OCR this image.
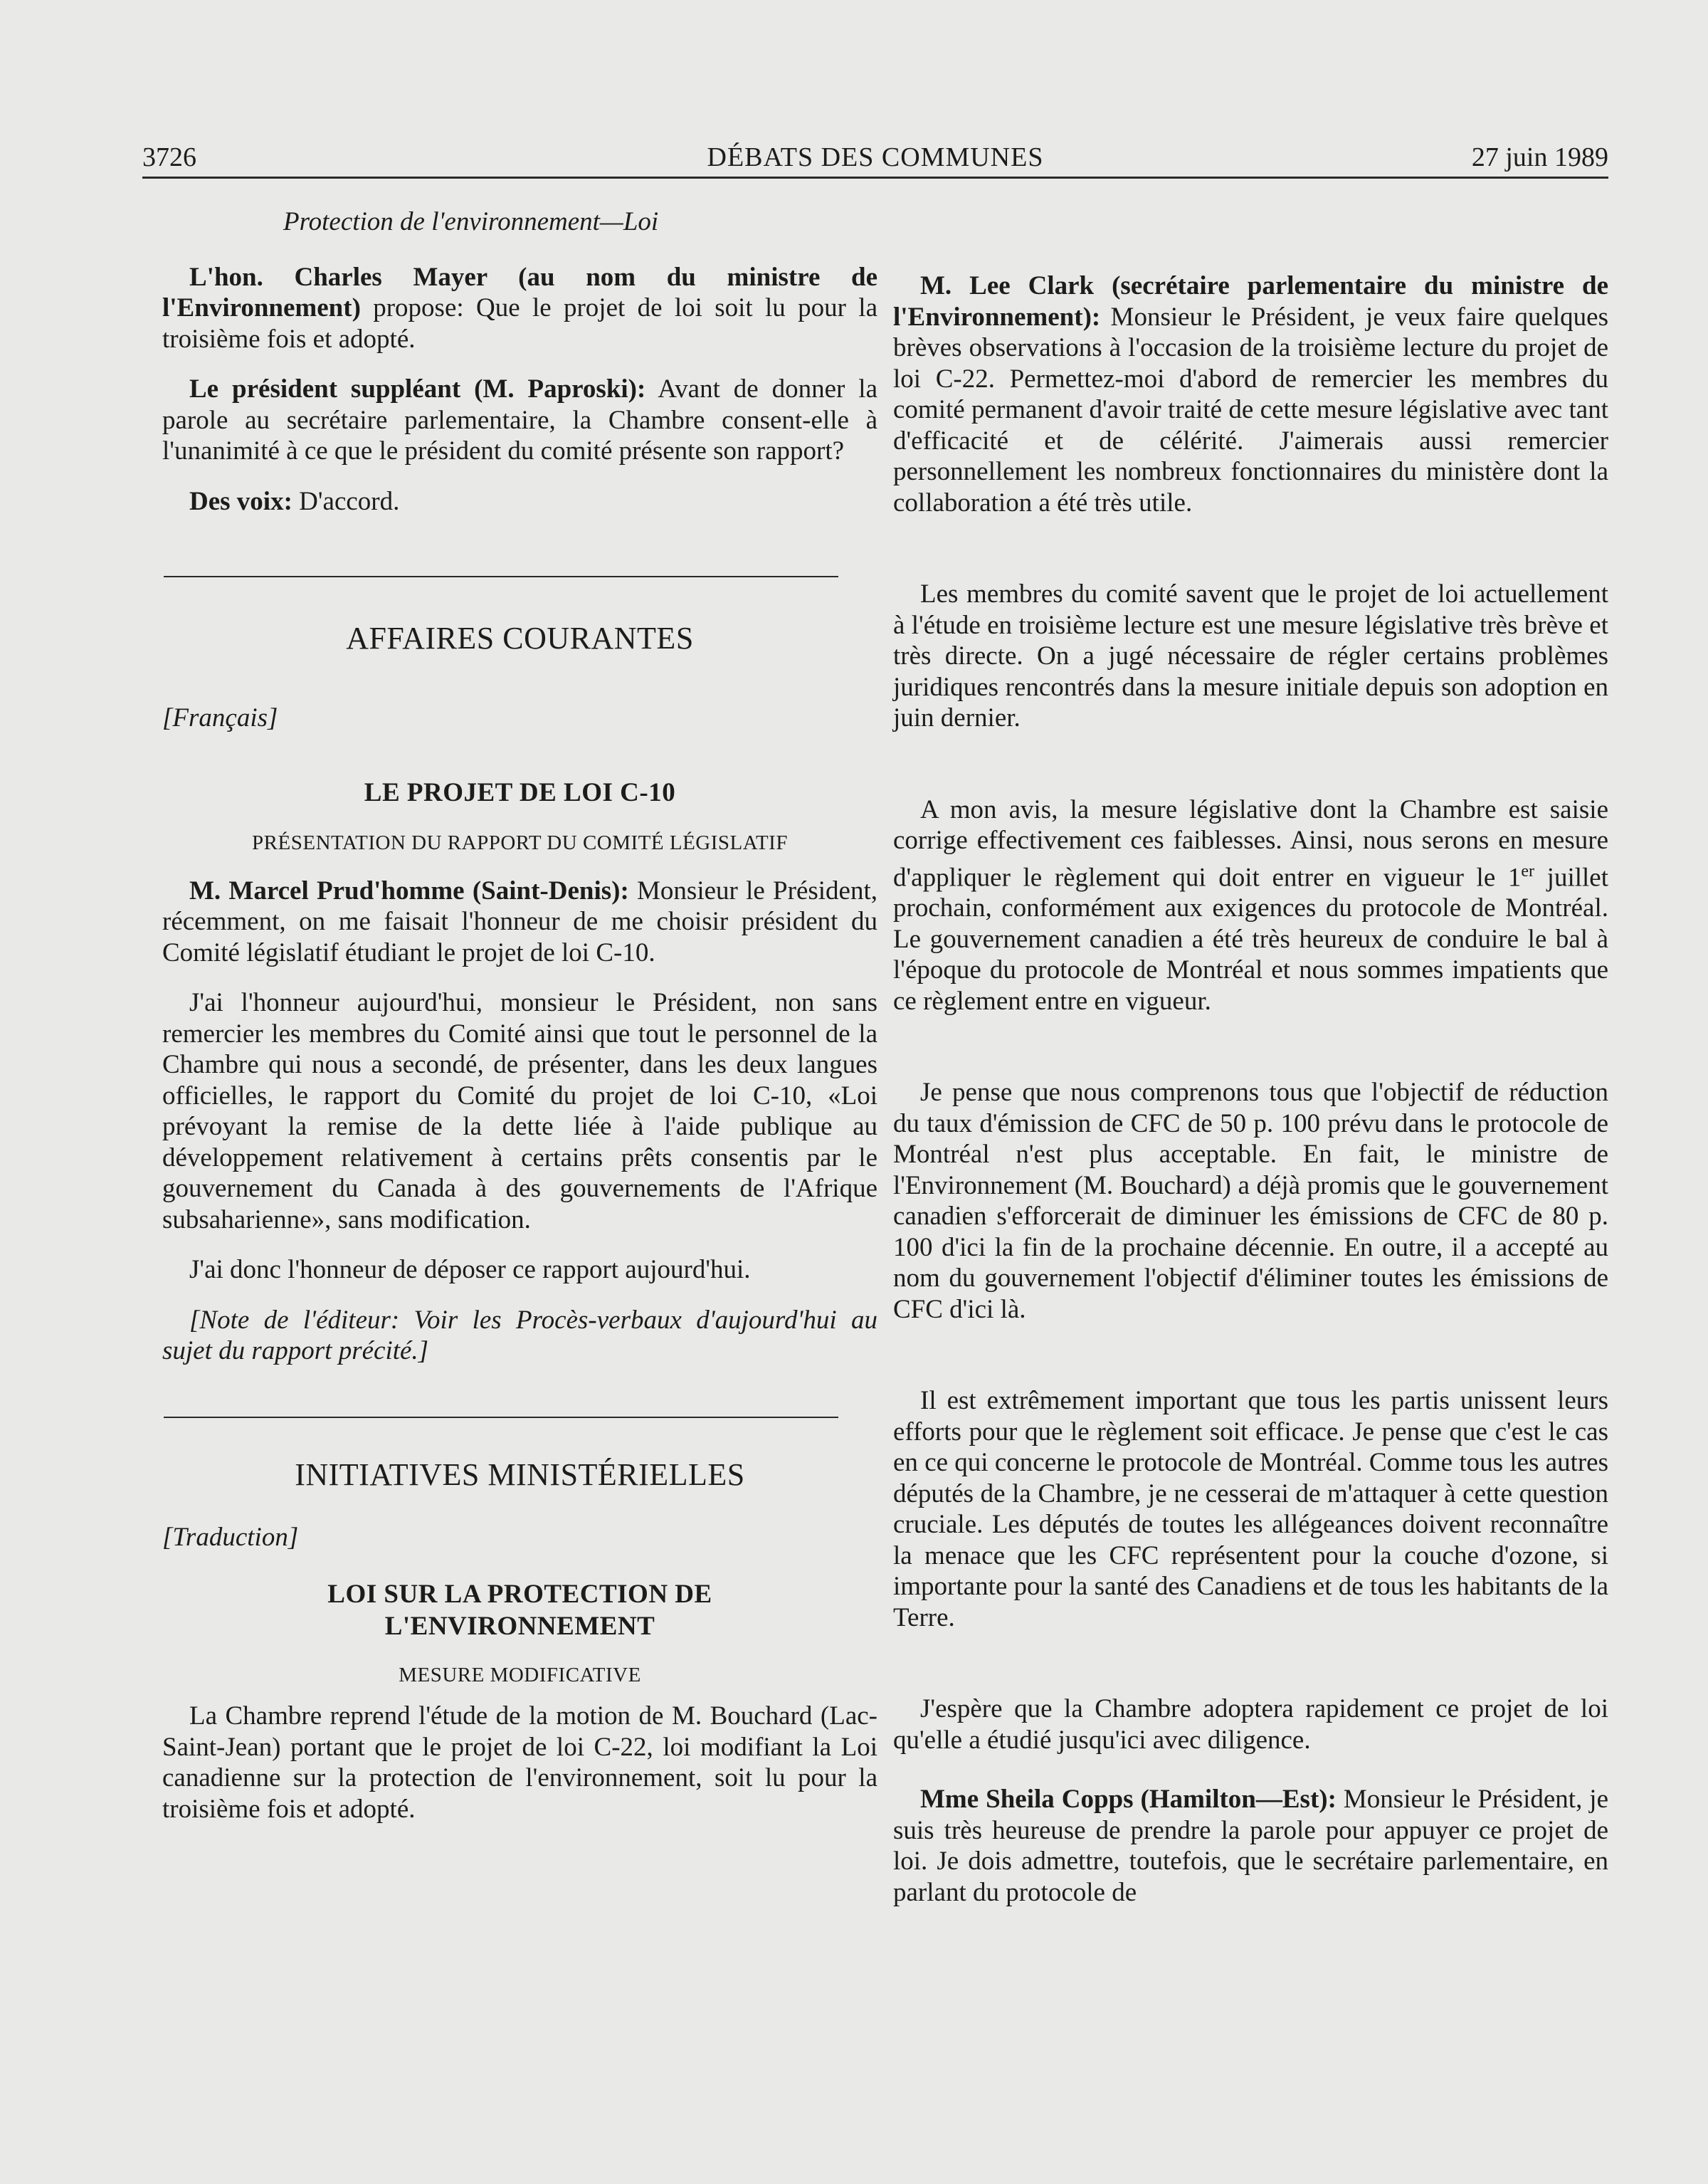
3726	DÉBATS DES COMMUNES	27 juin 1989

Protection de l'environnement—Loi

L'hon. Charles Mayer (au nom du ministre de l'Environnement) propose: Que le projet de loi soit lu pour la troisième fois et adopté.

Le président suppléant (M. Paproski): Avant de donner la parole au secrétaire parlementaire, la Chambre consent-elle à l'unanimité à ce que le président du comité présente son rapport?

Des voix: D'accord.

AFFAIRES COURANTES

[Français]

LE PROJET DE LOI C-10
PRÉSENTATION DU RAPPORT DU COMITÉ LÉGISLATIF

M. Marcel Prud'homme (Saint-Denis): Monsieur le Président, récemment, on me faisait l'honneur de me choisir président du Comité législatif étudiant le projet de loi C-10.

J'ai l'honneur aujourd'hui, monsieur le Président, non sans remercier les membres du Comité ainsi que tout le personnel de la Chambre qui nous a secondé, de présenter, dans les deux langues officielles, le rapport du Comité du projet de loi C-10, «Loi prévoyant la remise de la dette liée à l'aide publique au développement relativement à certains prêts consentis par le gouvernement du Canada à des gouvernements de l'Afrique subsaharienne», sans modification.

J'ai donc l'honneur de déposer ce rapport aujourd'hui.

[Note de l'éditeur: Voir les Procès-verbaux d'aujourd'hui au sujet du rapport précité.]

INITIATIVES MINISTÉRIELLES

[Traduction]

LOI SUR LA PROTECTION DE
L'ENVIRONNEMENT
MESURE MODIFICATIVE

La Chambre reprend l'étude de la motion de M. Bouchard (Lac-Saint-Jean) portant que le projet de loi C-22, loi modifiant la Loi canadienne sur la protection de l'environnement, soit lu pour la troisième fois et adopté.

M. Lee Clark (secrétaire parlementaire du ministre de l'Environnement): Monsieur le Président, je veux faire quelques brèves observations à l'occasion de la troisième lecture du projet de loi C-22. Permettez-moi d'abord de remercier les membres du comité permanent d'avoir traité de cette mesure législative avec tant d'efficacité et de célérité. J'aimerais aussi remercier personnellement les nombreux fonctionnaires du ministère dont la collaboration a été très utile.

Les membres du comité savent que le projet de loi actuellement à l'étude en troisième lecture est une mesure législative très brève et très directe. On a jugé nécessaire de régler certains problèmes juridiques rencontrés dans la mesure initiale depuis son adoption en juin dernier.

A mon avis, la mesure législative dont la Chambre est saisie corrige effectivement ces faiblesses. Ainsi, nous serons en mesure d'appliquer le règlement qui doit entrer en vigueur le 1er juillet prochain, conformément aux exigences du protocole de Montréal. Le gouvernement canadien a été très heureux de conduire le bal à l'époque du protocole de Montréal et nous sommes impatients que ce règlement entre en vigueur.

Je pense que nous comprenons tous que l'objectif de réduction du taux d'émission de CFC de 50 p. 100 prévu dans le protocole de Montréal n'est plus acceptable. En fait, le ministre de l'Environnement (M. Bouchard) a déjà promis que le gouvernement canadien s'efforcerait de diminuer les émissions de CFC de 80 p. 100 d'ici la fin de la prochaine décennie. En outre, il a accepté au nom du gouvernement l'objectif d'éliminer toutes les émissions de CFC d'ici là.

Il est extrêmement important que tous les partis unissent leurs efforts pour que le règlement soit efficace. Je pense que c'est le cas en ce qui concerne le protocole de Montréal. Comme tous les autres députés de la Chambre, je ne cesserai de m'attaquer à cette question cruciale. Les députés de toutes les allégeances doivent reconnaître la menace que les CFC représentent pour la couche d'ozone, si importante pour la santé des Canadiens et de tous les habitants de la Terre.

J'espère que la Chambre adoptera rapidement ce projet de loi qu'elle a étudié jusqu'ici avec diligence.

Mme Sheila Copps (Hamilton—Est): Monsieur le Président, je suis très heureuse de prendre la parole pour appuyer ce projet de loi. Je dois admettre, toutefois, que le secrétaire parlementaire, en parlant du protocole de
